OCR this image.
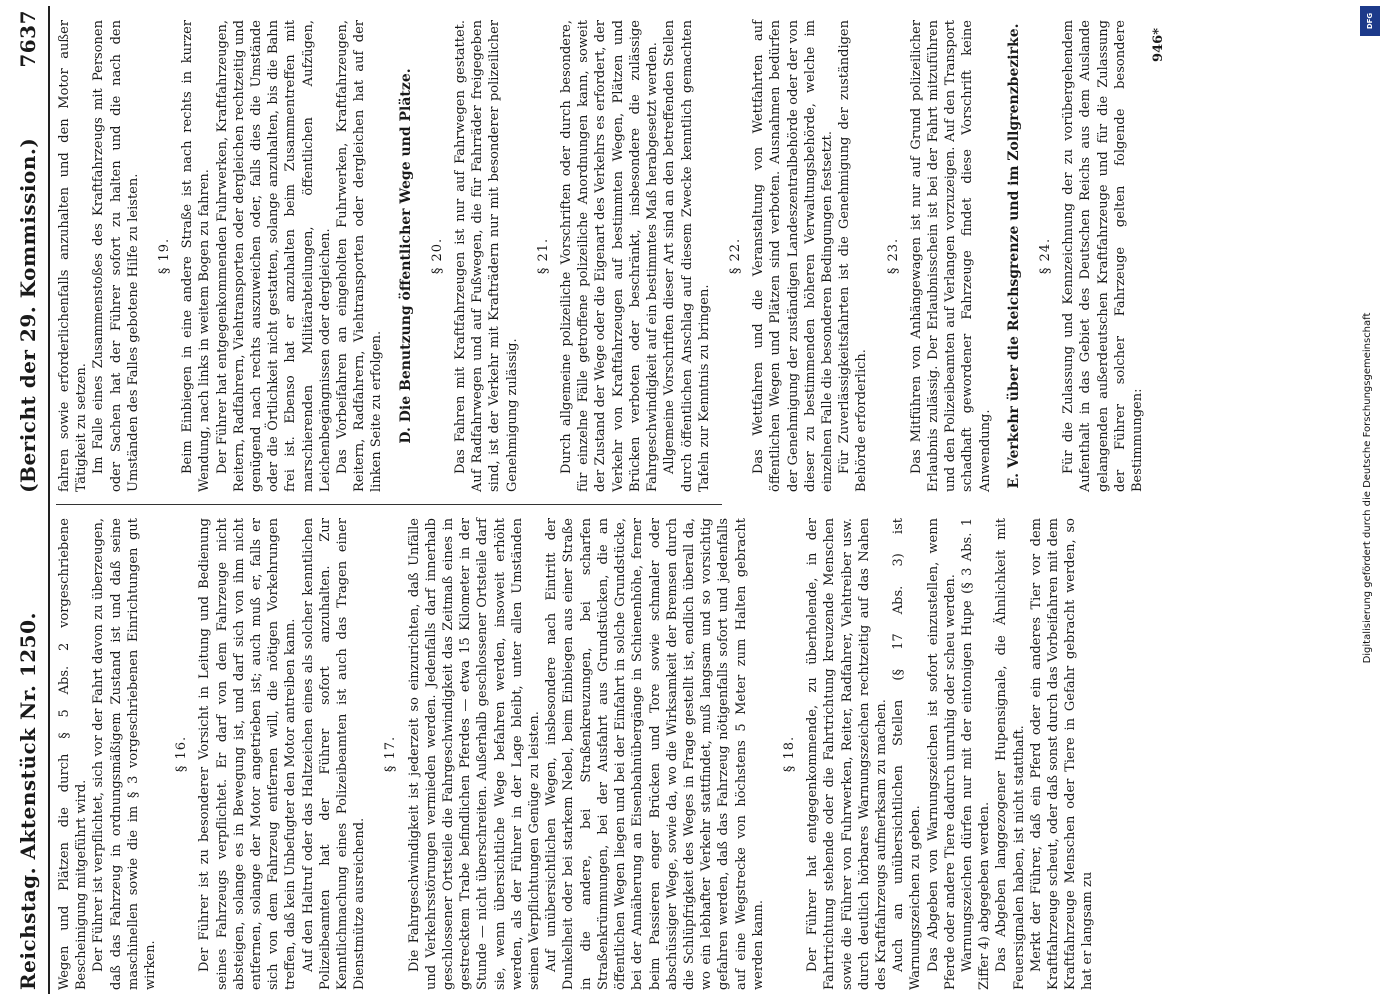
Reichstag. Aktenstück Nr. 1250.
(Bericht der 29. Kommission.)7637

Wegen und Plätzen die durch § 5 Abs. 2 vorgeschriebene Bescheinigung mitgeführt wird. Der Führer ist verpflichtet, sich vor der Fahrt davon zu überzeugen, daß das Fahrzeug in ordnungsmäßigem Zustand ist und daß seine maschinellen sowie die im § 3 vorgeschriebenen Einrichtungen gut wirken.

§ 16. Der Führer ist zu besonderer Vorsicht in Leitung und Bedienung seines Fahrzeugs verpflichtet. Er darf von dem Fahrzeuge nicht absteigen, solange es in Bewegung ist, und darf sich von ihm nicht entfernen, solange der Motor angetrieben ist; auch muß er, falls er sich von dem Fahrzeug entfernen will, die nötigen Vorkehrungen treffen, daß kein Unbefugter den Motor antreiben kann. Auf den Haltruf oder das Haltzeichen eines als solcher kenntlichen Polizeibeamten hat der Führer sofort anzuhalten. Zur Kenntlichmachung eines Polizeibeamten ist auch das Tragen einer Dienstmütze ausreichend.

§ 17. Die Fahrgeschwindigkeit ist jederzeit so einzurichten, daß Unfälle und Verkehrsstörungen vermieden werden. Jedenfalls darf innerhalb geschlossener Ortsteile die Fahrgeschwindigkeit das Zeitmaß eines in gestrecktem Trabe befindlichen Pferdes — etwa 15 Kilometer in der Stunde — nicht überschreiten. Außerhalb geschlossener Ortsteile darf sie, wenn übersichtliche Wege befahren werden, insoweit erhöht werden, als der Führer in der Lage bleibt, unter allen Umständen seinen Verpflichtungen Genüge zu leisten. Auf unübersichtlichen Wegen, insbesondere nach Eintritt der Dunkelheit oder bei starkem Nebel, beim Einbiegen aus einer Straße in die andere, bei Straßenkreuzungen, bei scharfen Straßenkrümmungen, bei der Ausfahrt aus Grundstücken, die an öffentlichen Wegen liegen und bei der Einfahrt in solche Grundstücke, bei der Annäherung an Eisenbahnübergänge in Schienenhöhe, ferner beim Passieren enger Brücken und Tore sowie schmaler oder abschüssiger Wege, sowie da, wo die Wirksamkeit der Bremsen durch die Schlüpfrigkeit des Weges in Frage gestellt ist, endlich überall da, wo ein lebhafter Verkehr stattfindet, muß langsam und so vorsichtig gefahren werden, daß das Fahrzeug nötigenfalls sofort und jedenfalls auf eine Wegstrecke von höchstens 5 Meter zum Halten gebracht werden kann.

§ 18. Der Führer hat entgegenkommende, zu überholende, in der Fahrtrichtung stehende oder die Fahrtrichtung kreuzende Menschen sowie die Führer von Fuhrwerken, Reiter, Radfahrer, Viehtreiber usw. durch deutlich hörbares Warnungszeichen rechtzeitig auf das Nahen des Kraftfahrzeugs aufmerksam zu machen. Auch an unübersichtlichen Stellen (§ 17 Abs. 3) ist Warnungszeichen zu geben. Das Abgeben von Warnungszeichen ist sofort einzustellen, wenn Pferde oder andere Tiere dadurch unruhig oder scheu werden. Warnungszeichen dürfen nur mit der eintonigen Hupe (§ 3 Abs. 1 Ziffer 4) abgegeben werden. Das Abgeben langgezogener Hupensignale, die Ähnlichkeit mit Feuersignalen haben, ist nicht statthaft. Merkt der Führer, daß ein Pferd oder ein anderes Tier vor dem Kraftfahrzeuge scheut, oder daß sonst durch das Vorbeifahren mit dem Kraftfahrzeuge Menschen oder Tiere in Gefahr gebracht werden, so hat er langsam zu

fahren sowie erforderlichenfalls anzuhalten und den Motor außer Tätigkeit zu setzen. Im Falle eines Zusammenstoßes des Kraftfahrzeugs mit Personen oder Sachen hat der Führer sofort zu halten und die nach den Umständen des Falles gebotene Hilfe zu leisten. § 19. Beim Einbiegen in eine andere Straße ist nach rechts in kurzer Wendung, nach links in weitem Bogen zu fahren. Der Führer hat entgegenkommenden Fuhrwerken, Kraftfahrzeugen, Reitern, Radfahrern, Viehtransporten oder dergleichen rechtzeitig und genügend nach rechts auszuweichen oder, falls dies die Umstände oder die Örtlichkeit nicht gestatten, solange anzuhalten, bis die Bahn frei ist. Ebenso hat er anzuhalten beim Zusammentreffen mit marschierenden Militärabteilungen, öffentlichen Aufzügen, Leichenbegängnissen oder dergleichen. Das Vorbeifahren an eingeholten Fuhrwerken, Kraftfahrzeugen, Reitern, Radfahrern, Viehtransporten oder dergleichen hat auf der linken Seite zu erfolgen. D. Die Benutzung öffentlicher Wege und Plätze. § 20. Das Fahren mit Kraftfahrzeugen ist nur auf Fahrwegen gestattet. Auf Radfahrwegen und auf Fußwegen, die für Fahrräder freigegeben sind, ist der Verkehr mit Krafträdern nur mit besonderer polizeilicher Genehmigung zulässig.

§ 21. Durch allgemeine polizeiliche Vorschriften oder durch besondere, für einzelne Fälle getroffene polizeiliche Anordnungen kann, soweit der Zustand der Wege oder die Eigenart des Verkehrs es erfordert, der Verkehr von Kraftfahrzeugen auf bestimmten Wegen, Plätzen und Brücken verboten oder beschränkt, insbesondere die zulässige Fahrgeschwindigkeit auf ein bestimmtes Maß herabgesetzt werden. Allgemeine Vorschriften dieser Art sind an den betreffenden Stellen durch öffentlichen Anschlag auf diesem Zwecke kenntlich gemachten Tafeln zur Kenntnis zu bringen.

§ 22. Das Wettfahren und die Veranstaltung von Wettfahrten auf öffentlichen Wegen und Plätzen sind verboten. Ausnahmen bedürfen der Genehmigung der zuständigen Landeszentralbehörde oder der von dieser zu bestimmenden höheren Verwaltungsbehörde, welche im einzelnen Falle die besonderen Bedingungen festsetzt. Für Zuverlässigkeitsfahrten ist die Genehmigung der zuständigen Behörde erforderlich.

§ 23. Das Mitführen von Anhängewagen ist nur auf Grund polizeilicher Erlaubnis zulässig. Der Erlaubnisschein ist bei der Fahrt mitzuführen und den Polizeibeamten auf Verlangen vorzuzeigen. Auf den Transport schadhaft gewordener Fahrzeuge findet diese Vorschrift keine Anwendung. E. Verkehr über die Reichsgrenze und im Zollgrenzbezirke. § 24. Für die Zulassung und Kennzeichnung der zu vorübergehendem Aufenthalt in das Gebiet des Deutschen Reichs aus dem Auslande gelangenden außerdeutschen Kraftfahrzeuge und für die Zulassung der Führer solcher Fahrzeuge gelten folgende besondere Bestimmungen:

946*
DFG
Digitalisierung gefördert durch die Deutsche Forschungsgemeinschaft
